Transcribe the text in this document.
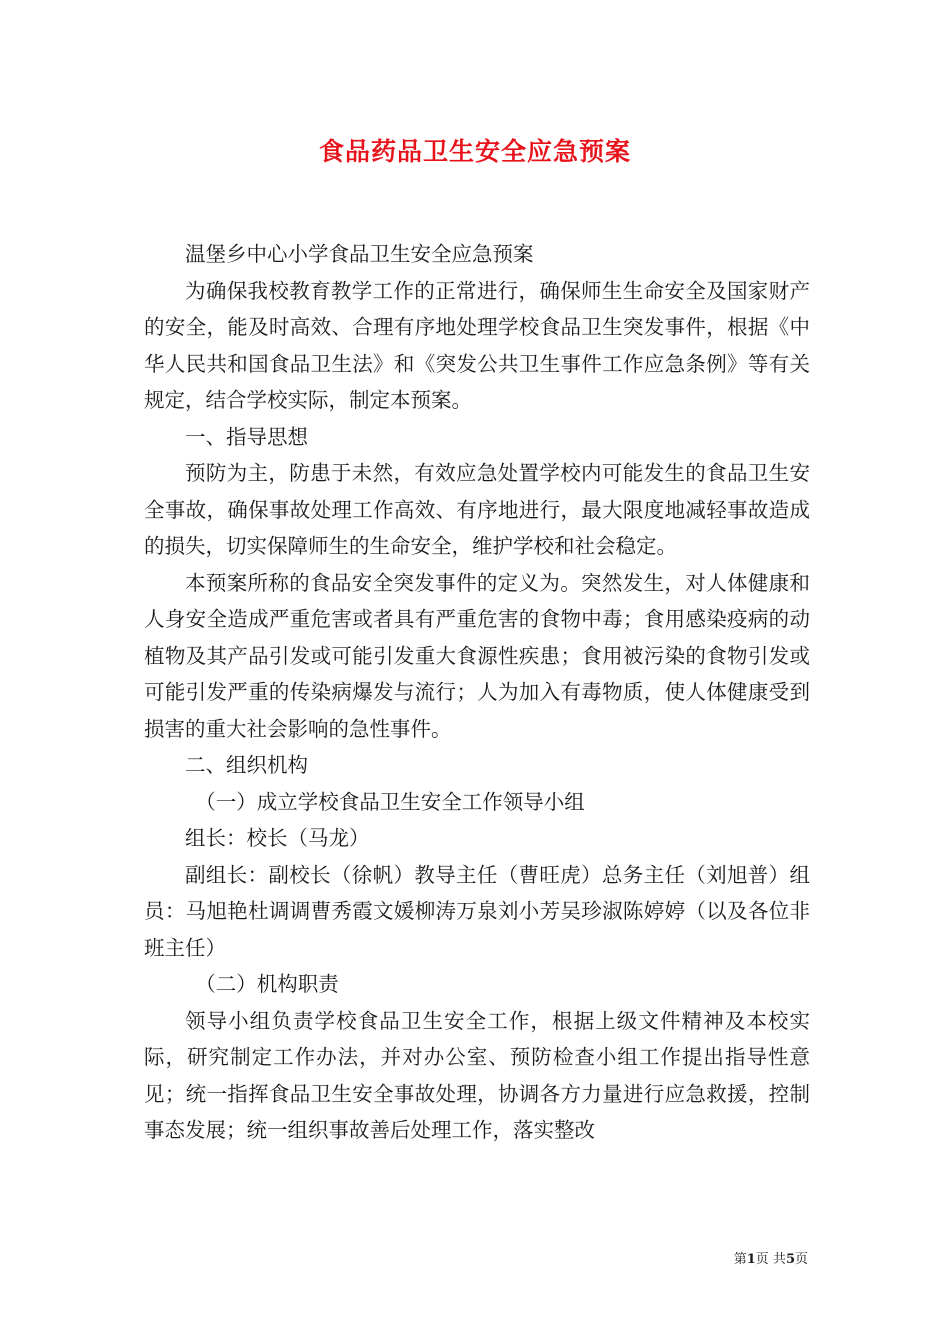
食品药品卫生安全应急预案

温堡乡中心小学食品卫生安全应急预案

为确保我校教育教学工作的正常进行，确保师生生命安全及国家财产的安全，能及时高效、合理有序地处理学校食品卫生突发事件，根据《中华人民共和国食品卫生法》和《突发公共卫生事件工作应急条例》等有关规定，结合学校实际，制定本预案。

一、指导思想

预防为主，防患于未然，有效应急处置学校内可能发生的食品卫生安全事故，确保事故处理工作高效、有序地进行，最大限度地减轻事故造成的损失，切实保障师生的生命安全，维护学校和社会稳定。

本预案所称的食品安全突发事件的定义为。突然发生，对人体健康和人身安全造成严重危害或者具有严重危害的食物中毒；食用感染疫病的动植物及其产品引发或可能引发重大食源性疾患；食用被污染的食物引发或可能引发严重的传染病爆发与流行；人为加入有毒物质，使人体健康受到损害的重大社会影响的急性事件。

二、组织机构

（一）成立学校食品卫生安全工作领导小组

组长：校长（马龙）

副组长：副校长（徐帆）教导主任（曹旺虎）总务主任（刘旭普）组员：马旭艳杜调调曹秀霞文媛柳涛万泉刘小芳吴珍淑陈婷婷（以及各位非班主任）

（二）机构职责

领导小组负责学校食品卫生安全工作，根据上级文件精神及本校实际，研究制定工作办法，并对办公室、预防检查小组工作提出指导性意见；统一指挥食品卫生安全事故处理，协调各方力量进行应急救援，控制事态发展；统一组织事故善后处理工作，落实整改

第1页 共5页
